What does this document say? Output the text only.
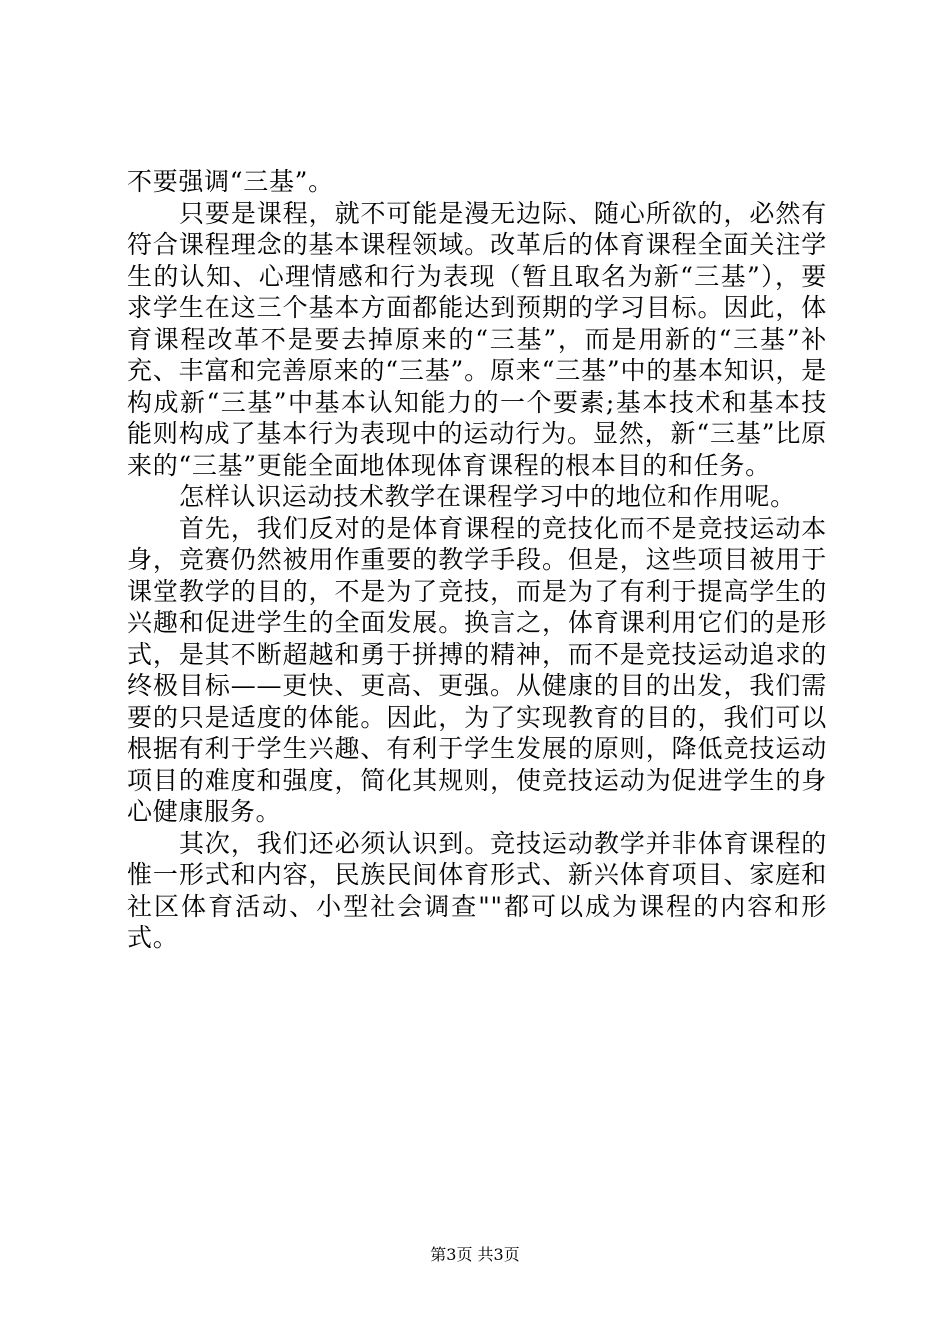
不要强调“三基”。

只要是课程，就不可能是漫无边际、随心所欲的，必然有符合课程理念的基本课程领域。改革后的体育课程全面关注学生的认知、心理情感和行为表现（暂且取名为新“三基”），要求学生在这三个基本方面都能达到预期的学习目标。因此，体育课程改革不是要去掉原来的“三基”，而是用新的“三基”补充、丰富和完善原来的“三基”。原来“三基”中的基本知识，是构成新“三基”中基本认知能力的一个要素;基本技术和基本技能则构成了基本行为表现中的运动行为。显然，新“三基”比原来的“三基”更能全面地体现体育课程的根本目的和任务。

怎样认识运动技术教学在课程学习中的地位和作用呢。

首先，我们反对的是体育课程的竞技化而不是竞技运动本身，竞赛仍然被用作重要的教学手段。但是，这些项目被用于课堂教学的目的，不是为了竞技，而是为了有利于提高学生的兴趣和促进学生的全面发展。换言之，体育课利用它们的是形式，是其不断超越和勇于拼搏的精神，而不是竞技运动追求的终极目标——更快、更高、更强。从健康的目的出发，我们需要的只是适度的体能。因此，为了实现教育的目的，我们可以根据有利于学生兴趣、有利于学生发展的原则，降低竞技运动项目的难度和强度，简化其规则，使竞技运动为促进学生的身心健康服务。

其次，我们还必须认识到。竞技运动教学并非体育课程的惟一形式和内容，民族民间体育形式、新兴体育项目、家庭和社区体育活动、小型社会调查""都可以成为课程的内容和形式。

第3页 共3页
